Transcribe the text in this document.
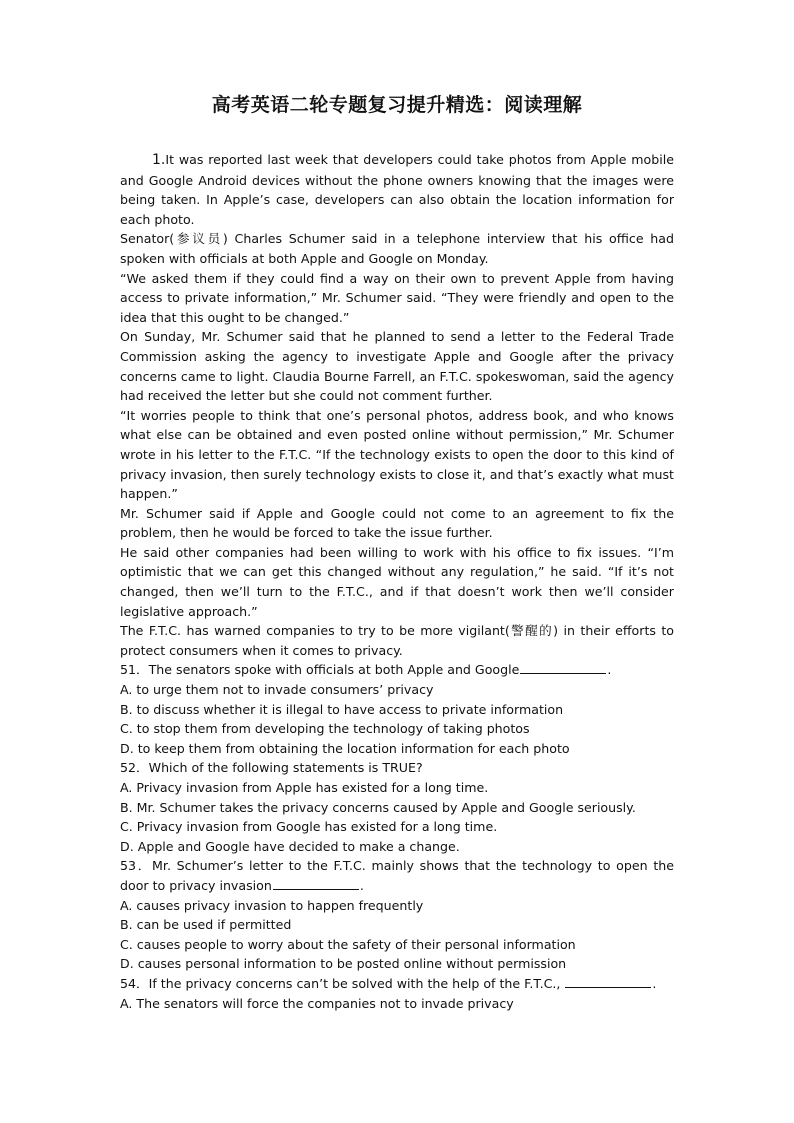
高考英语二轮专题复习提升精选：阅读理解

1.It was reported last week that developers could take photos from Apple mobile and Google Android devices without the phone owners knowing that the images were being taken. In Apple’s case, developers can also obtain the location information for each photo.

Senator(参议员) Charles Schumer said in a telephone interview that his office had spoken with officials at both Apple and Google on Monday.

“We asked them if they could find a way on their own to prevent Apple from having access to private information,” Mr. Schumer said. “They were friendly and open to the idea that this ought to be changed.”

On Sunday, Mr. Schumer said that he planned to send a letter to the Federal Trade Commission asking the agency to investigate Apple and Google after the privacy concerns came to light. Claudia Bourne Farrell, an F.T.C. spokeswoman, said the agency had received the letter but she could not comment further.

“It worries people to think that one’s personal photos, address book, and who knows what else can be obtained and even posted online without permission,” Mr. Schumer wrote in his letter to the F.T.C. “If the technology exists to open the door to this kind of privacy invasion, then surely technology exists to close it, and that’s exactly what must happen.”

Mr. Schumer said if Apple and Google could not come to an agreement to fix the problem, then he would be forced to take the issue further.

He said other companies had been willing to work with his office to fix issues. “I’m optimistic that we can get this changed without any regulation,” he said. “If it’s not changed, then we’ll turn to the F.T.C., and if that doesn’t work then we’ll consider legislative approach.”

The F.T.C. has warned companies to try to be more vigilant(警醒的) in their efforts to protect consumers when it comes to privacy.

51．The senators spoke with officials at both Apple and Google	.

A. to urge them not to invade consumers’ privacy

B. to discuss whether it is illegal to have access to private information

C. to stop them from developing the technology of taking photos

D. to keep them from obtaining the location information for each photo

52．Which of the following statements is TRUE?

A. Privacy invasion from Apple has existed for a long time.

B. Mr. Schumer takes the privacy concerns caused by Apple and Google seriously.

C. Privacy invasion from Google has existed for a long time.

D. Apple and Google have decided to make a change.

53．Mr. Schumer’s letter to the F.T.C. mainly shows that the technology to open the door to privacy invasion	.

A. causes privacy invasion to happen frequently

B. can be used if permitted

C. causes people to worry about the safety of their personal information

D. causes personal information to be posted online without permission

54．If the privacy concerns can’t be solved with the help of the F.T.C.,	.

A. The senators will force the companies not to invade privacy
